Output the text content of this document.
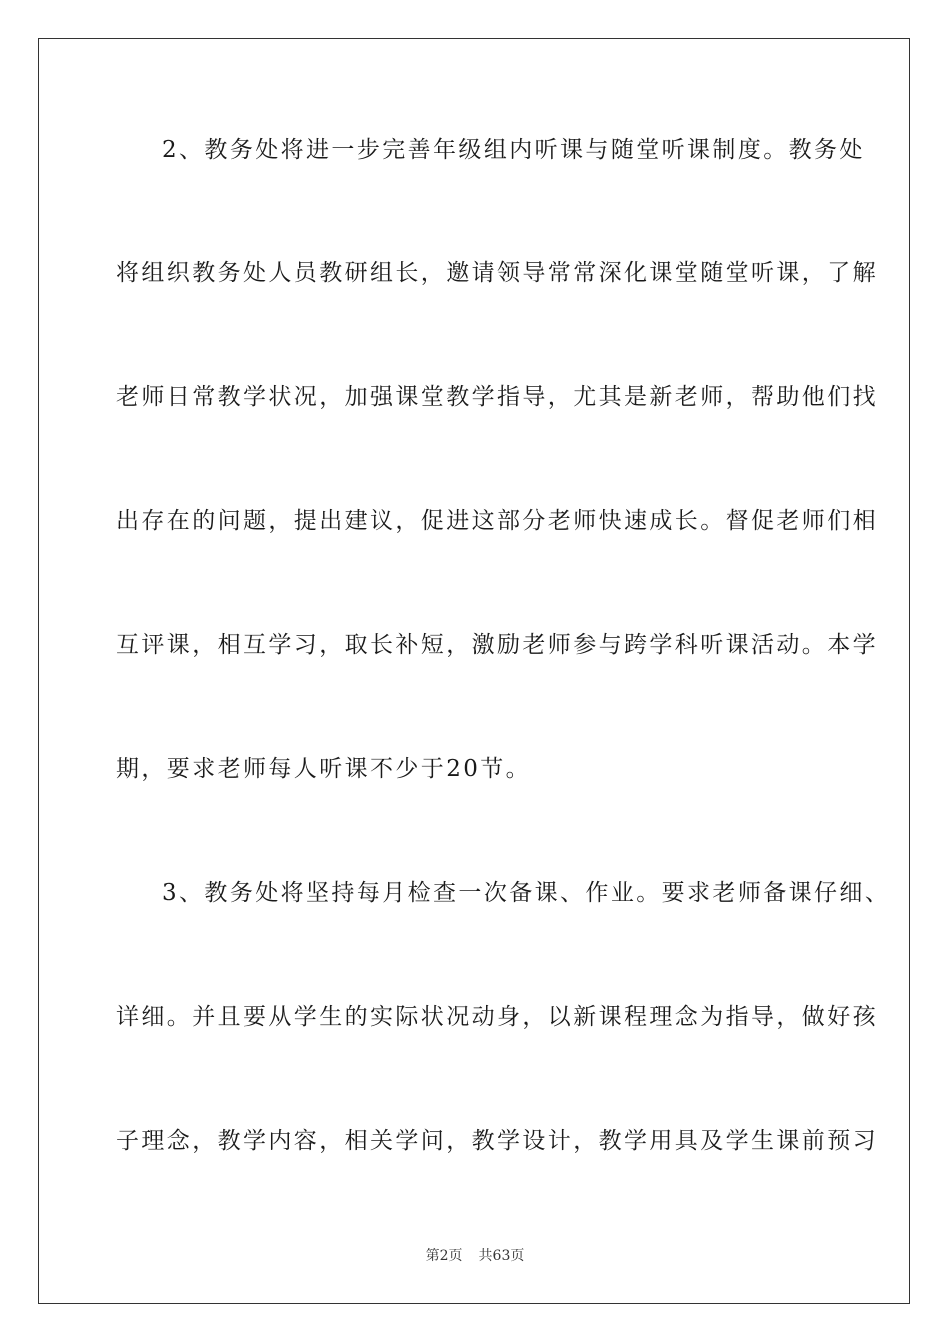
2、教务处将进一步完善年级组内听课与随堂听课制度。教务处
将组织教务处人员教研组长，邀请领导常常深化课堂随堂听课，了解
老师日常教学状况，加强课堂教学指导，尤其是新老师，帮助他们找
出存在的问题，提出建议，促进这部分老师快速成长。督促老师们相
互评课，相互学习，取长补短，激励老师参与跨学科听课活动。本学
期，要求老师每人听课不少于20节。
3、教务处将坚持每月检查一次备课、作业。要求老师备课仔细、
详细。并且要从学生的实际状况动身，以新课程理念为指导，做好孩
子理念，教学内容，相关学问，教学设计，教学用具及学生课前预习
第2页 共63页
